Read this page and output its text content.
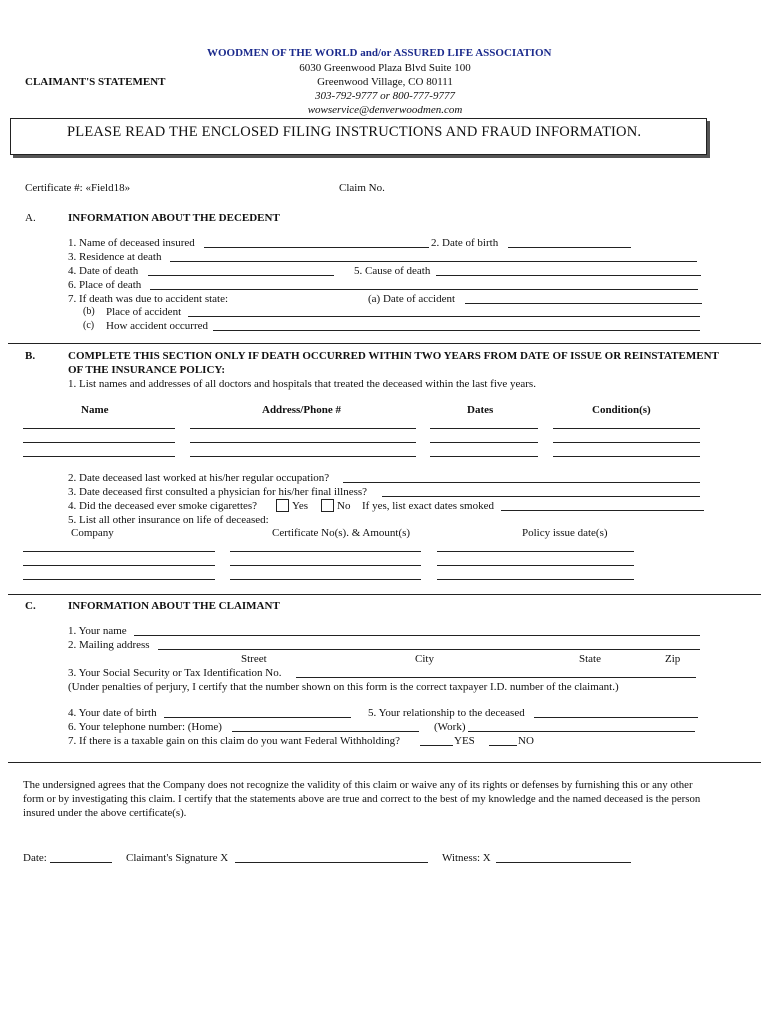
WOODMEN OF THE WORLD and/or ASSURED LIFE ASSOCIATION
6030 Greenwood Plaza Blvd Suite 100
Greenwood Village, CO 80111
303-792-9777 or 800-777-9777
wowservice@denverwoodmen.com
CLAIMANT'S STATEMENT
PLEASE READ THE ENCLOSED FILING INSTRUCTIONS AND FRAUD INFORMATION.
Certificate #: «Field18»	Claim No.
A.	INFORMATION ABOUT THE DECEDENT
1. Name of deceased insured	2. Date of birth
3. Residence at death
4. Date of death	5. Cause of death
6. Place of death
7. If death was due to accident state:	(a) Date of accident
(b) Place of accident
(c) How accident occurred
B.	COMPLETE THIS SECTION ONLY IF DEATH OCCURRED WITHIN TWO YEARS FROM DATE OF ISSUE OR REINSTATEMENT
OF THE INSURANCE POLICY:
1. List names and addresses of all doctors and hospitals that treated the deceased within the last five years.
Name	Address/Phone #	Dates	Condition(s)
2. Date deceased last worked at his/her regular occupation?
3. Date deceased first consulted a physician for his/her final illness?
4. Did the deceased ever smoke cigarettes?	Yes	No If yes, list exact dates smoked
5. List all other insurance on life of deceased:
Company	Certificate No(s). & Amount(s)	Policy issue date(s)
C.	INFORMATION ABOUT THE CLAIMANT
1. Your name
2. Mailing address
Street	City	State	Zip
3. Your Social Security or Tax Identification No.
(Under penalties of perjury, I certify that the number shown on this form is the correct taxpayer I.D. number of the claimant.)
4. Your date of birth	5. Your relationship to the deceased
6. Your telephone number: (Home)	(Work)
7. If there is a taxable gain on this claim do you want Federal Withholding?	YES	NO
The undersigned agrees that the Company does not recognize the validity of this claim or waive any of its rights or defenses by furnishing this or any other
form or by investigating this claim. I certify that the statements above are true and correct to the best of my knowledge and the named deceased is the person
insured under the above certificate(s).
Date:	Claimant's Signature X	Witness: X
